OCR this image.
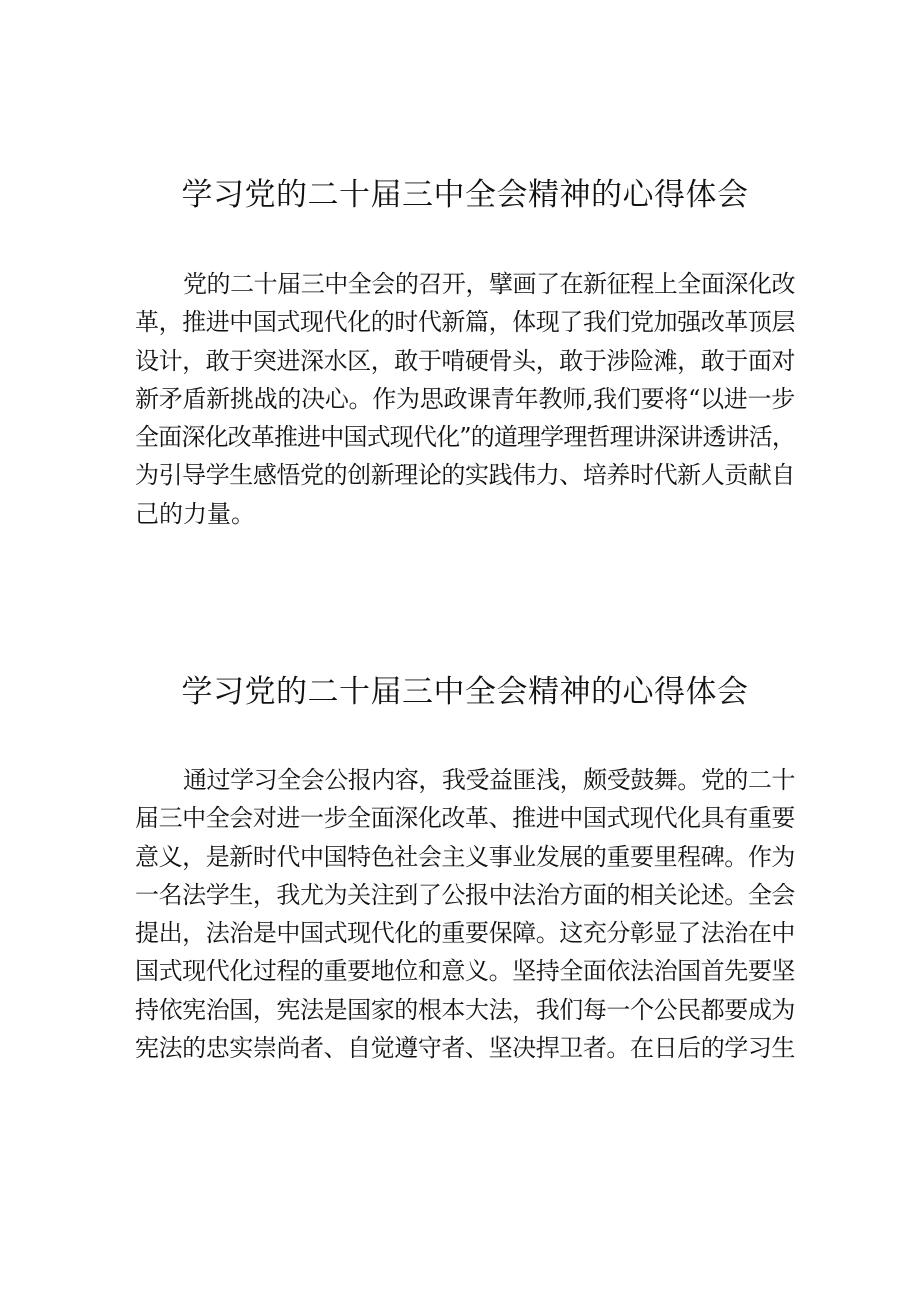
学习党的二十届三中全会精神的心得体会
党的二十届三中全会的召开，擘画了在新征程上全面深化改
革，推进中国式现代化的时代新篇，体现了我们党加强改革顶层
设计，敢于突进深水区，敢于啃硬骨头，敢于涉险滩，敢于面对
新矛盾新挑战的决心。作为思政课青年教师,我们要将“以进一步
全面深化改革推进中国式现代化”的道理学理哲理讲深讲透讲活，
为引导学生感悟党的创新理论的实践伟力、培养时代新人贡献自
己的力量。
学习党的二十届三中全会精神的心得体会
通过学习全会公报内容，我受益匪浅，颇受鼓舞。党的二十
届三中全会对进一步全面深化改革、推进中国式现代化具有重要
意义，是新时代中国特色社会主义事业发展的重要里程碑。作为
一名法学生，我尤为关注到了公报中法治方面的相关论述。全会
提出，法治是中国式现代化的重要保障。这充分彰显了法治在中
国式现代化过程的重要地位和意义。坚持全面依法治国首先要坚
持依宪治国，宪法是国家的根本大法，我们每一个公民都要成为
宪法的忠实崇尚者、自觉遵守者、坚决捍卫者。在日后的学习生
